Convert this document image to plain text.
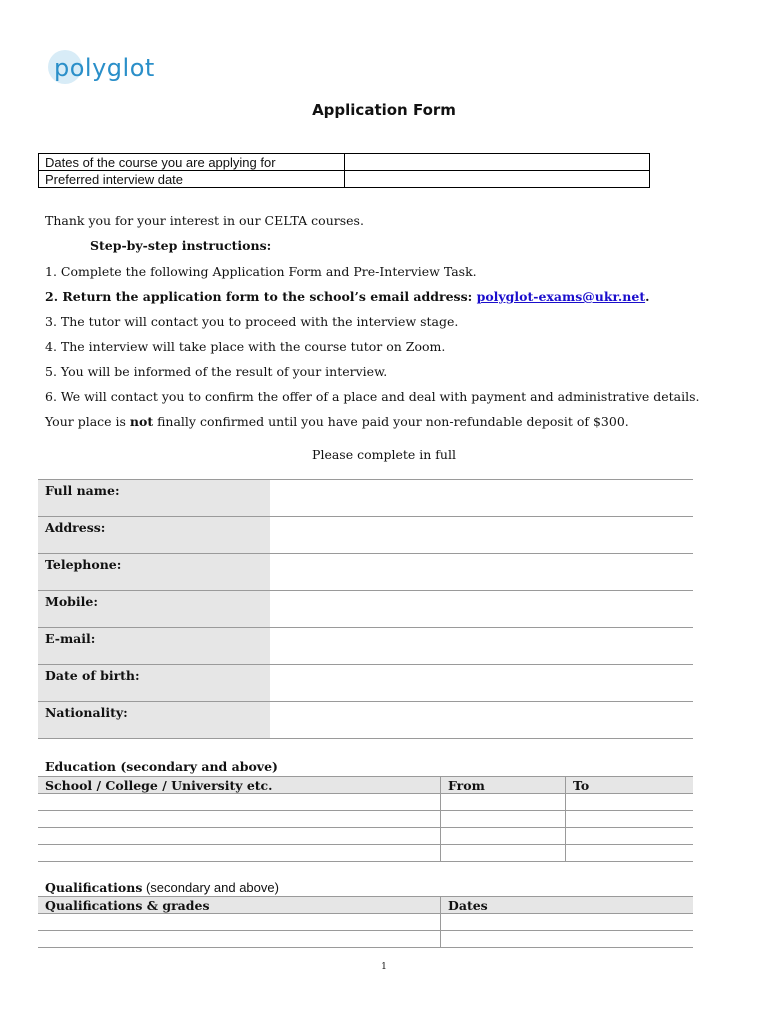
polyglot
Application Form
Dates of the course you are applying for	
Preferred interview date	
Thank you for your interest in our CELTA courses.
Step-by-step instructions:
1. Complete the following Application Form and Pre-Interview Task.
2. Return the application form to the school’s email address: polyglot-exams@ukr.net.
3. The tutor will contact you to proceed with the interview stage.
4. The interview will take place with the course tutor on Zoom.
5. You will be informed of the result of your interview.
6. We will contact you to confirm the offer of a place and deal with payment and administrative details.
Your place is not finally confirmed until you have paid your non-refundable deposit of $300.
Please complete in full
Full name:	
Address:	
Telephone:	
Mobile:	
E-mail:	
Date of birth:	
Nationality:	
Education (secondary and above)
School / College / University etc.	From	To

Qualifications (secondary and above)
Qualifications & grades	Dates

1
